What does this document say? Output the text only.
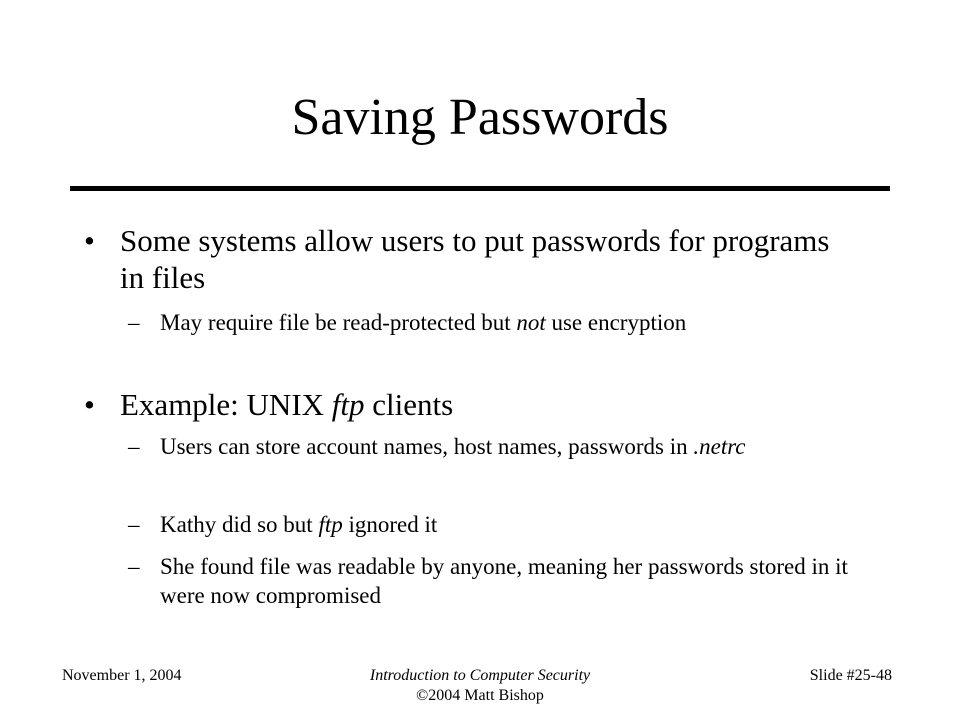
Saving Passwords
• Some systems allow users to put passwords for programs in files
– May require file be read-protected but not use encryption
• Example: UNIX ftp clients
– Users can store account names, host names, passwords in .netrc
– Kathy did so but ftp ignored it
– She found file was readable by anyone, meaning her passwords stored in it were now compromised
November 1, 2004	Introduction to Computer Security
©2004 Matt Bishop
Slide #25-48
